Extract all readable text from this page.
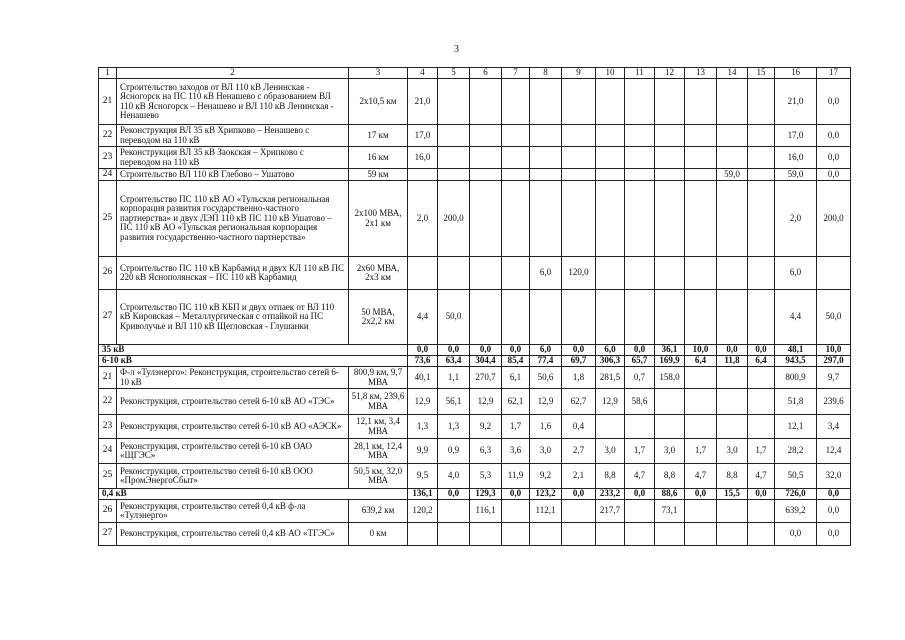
3
1	2	3	4	5	6	7	8	9	10	11	12	13	14	15	16	17
21	Строительство заходов от ВЛ 110 кВ Ленинская - Ясногорск на ПС 110 кВ Ненашево с образованием ВЛ 110 кВ Ясногорск – Ненашево и ВЛ 110 кВ Ленинская - Ненашево	2х10,5 км	21,0												21,0	0,0
22	Реконструкция ВЛ 35 кВ Хрипково – Ненашево с переводом на 110 кВ	17 км	17,0												17,0	0,0
23	Реконструкция ВЛ 35 кВ Заокская – Хрипково с переводом на 110 кВ	16 км	16,0												16,0	0,0
24	Строительство ВЛ 110 кВ Глебово – Ушатово	59 км											59,0		59,0	0,0
25	Строительство ПС 110 кВ АО «Тульская региональная корпорация развития государственно-частного партнерства» и двух ЛЭП 110 кВ ПС 110 кВ Ушатово – ПС 110 кВ АО «Тульская региональная корпорация развития государственно-частного партнерства»	2х100 МВА, 2х1 км	2,0	200,0											2,0	200,0
26	Строительство ПС 110 кВ Карбамид и двух КЛ 110 кВ ПС 220 кВ Яснополянская – ПС 110 кВ Карбамид	2х60 МВА, 2х3 км					6,0	120,0							6,0	
27	Строительство ПС 110 кВ КБП и двух отпаек от ВЛ 110 кВ Кировская – Металлургическая с отпайкой на ПС Криволучье и ВЛ 110 кВ Щегловская - Глушанки	50 МВА, 2х2,2 км	4,4	50,0											4,4	50,0
35 кВ			0,0	0,0	0,0	0,0	6,0	0,0	6,0	0,0	36,1	10,0	0,0	0,0	48,1	10,0
6-10 кВ			73,6	63,4	304,4	85,4	77,4	69,7	306,3	65,7	169,9	6,4	11,8	6,4	943,5	297,0
21	Ф-л «Тулэнерго»: Реконструкция, строительство сетей 6-10 кВ	800,9 км, 9,7 МВА	40,1	1,1	270,7	6,1	50,6	1,8	281,5	0,7	158,0				800,9	9,7
22	Реконструкция, строительство сетей 6-10 кВ АО «ТЭС»	51,8 км, 239,6 МВА	12,9	56,1	12,9	62,1	12,9	62,7	12,9	58,6					51,8	239,6
23	Реконструкция, строительство сетей 6-10 кВ АО «АЭСК»	12,1 км, 3,4 МВА	1,3	1,3	9,2	1,7	1,6	0,4							12,1	3,4
24	Реконструкция, строительство сетей 6-10 кВ ОАО «ЩГЭС»	28,1 км, 12,4 МВА	9,9	0,9	6,3	3,6	3,0	2,7	3,0	1,7	3,0	1,7	3,0	1,7	28,2	12,4
25	Реконструкция, строительство сетей 6-10 кВ ООО «ПромЭнергоСбыт»	50,5 км, 32,0 МВА	9,5	4,0	5,3	11,9	9,2	2,1	8,8	4,7	8,8	4,7	8,8	4,7	50,5	32,0
0,4 кВ			136,1	0,0	129,3	0,0	123,2	0,0	233,2	0,0	88,6	0,0	15,5	0,0	726,0	0,0
26	Реконструкция, строительство сетей 0,4 кВ ф-ла «Тулэнерго»	639,2 км	120,2		116,1		112,1		217,7		73,1				639,2	0,0
27	Реконструкция, строительство сетей 0,4 кВ АО «ТГЭС»	0 км													0,0	0,0
